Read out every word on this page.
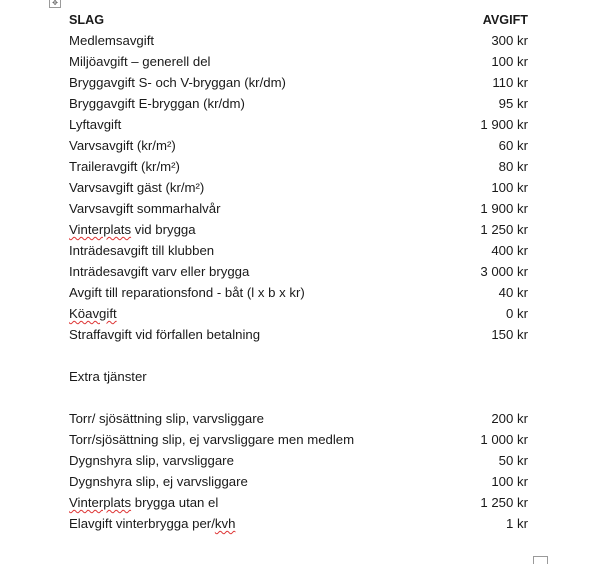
✥
SLAG	AVGIFT
Medlemsavgift	300 kr
Miljöavgift – generell del	100 kr
Bryggavgift S- och V-bryggan (kr/dm)	110 kr
Bryggavgift E-bryggan (kr/dm)	95 kr
Lyftavgift	1 900 kr
Varvsavgift (kr/m²)	60 kr
Traileravgift (kr/m²)	80 kr
Varvsavgift gäst (kr/m²)	100 kr
Varvsavgift sommarhalvår	1 900 kr
Vinterplats vid brygga	1 250 kr
Inträdesavgift till klubben	400 kr
Inträdesavgift varv eller brygga	3 000 kr
Avgift till reparationsfond - båt (l x b x kr)	40 kr
Köavgift	0 kr
Straffavgift vid förfallen betalning	150 kr

Extra tjänster	

Torr/ sjösättning slip, varvsliggare	200 kr
Torr/sjösättning slip, ej varvsliggare men medlem	1 000 kr
Dygnshyra slip, varvsliggare	50 kr
Dygnshyra slip, ej varvsliggare	100 kr
Vinterplats brygga utan el	1 250 kr
Elavgift vinterbrygga per/kvh	1 kr
